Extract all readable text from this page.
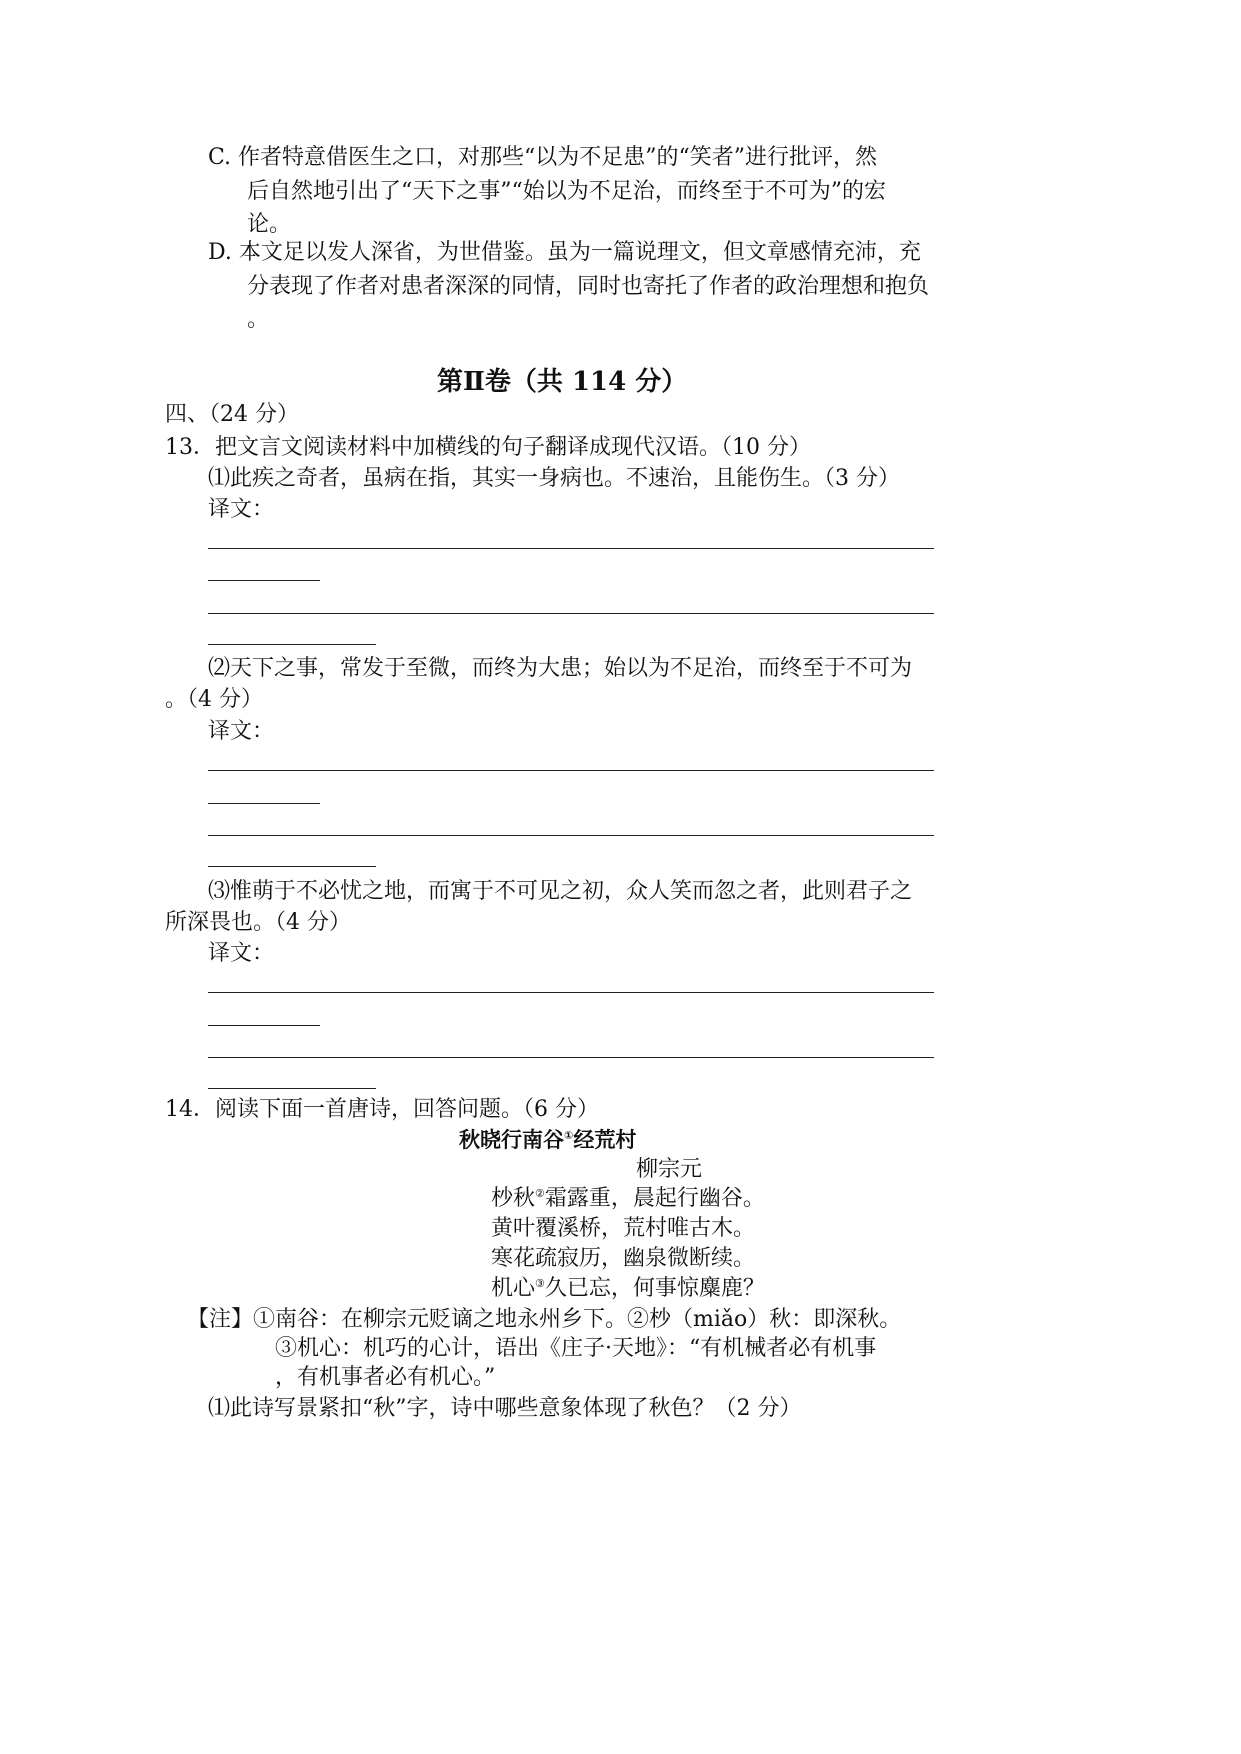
C. 作者特意借医生之口，对那些“以为不足患”的“笑者”进行批评，然
后自然地引出了“天下之事”“始以为不足治，而终至于不可为”的宏
论。
D. 本文足以发人深省，为世借鉴。虽为一篇说理文，但文章感情充沛，充
分表现了作者对患者深深的同情，同时也寄托了作者的政治理想和抱负
。
第Ⅱ卷（共 114 分）
四、（24 分）
13．把文言文阅读材料中加横线的句子翻译成现代汉语。（10 分）
⑴此疾之奇者，虽病在指，其实一身病也。不速治，且能伤生。（3 分）
译文：
⑵天下之事，常发于至微，而终为大患；始以为不足治，而终至于不可为
。（4 分）
译文：
⑶惟萌于不必忧之地，而寓于不可见之初，众人笑而忽之者，此则君子之
所深畏也。（4 分）
译文：
14．阅读下面一首唐诗，回答问题。（6 分）
秋晓行南谷①经荒村
柳宗元
杪秋②霜露重，晨起行幽谷。
黄叶覆溪桥，荒村唯古木。
寒花疏寂历，幽泉微断续。
机心③久已忘，何事惊麋鹿？
【注】①南谷：在柳宗元贬谪之地永州乡下。②杪（miǎo）秋：即深秋。
③机心：机巧的心计，语出《庄子·天地》：“有机械者必有机事
，有机事者必有机心。”
⑴此诗写景紧扣“秋”字，诗中哪些意象体现了秋色？（2 分）
